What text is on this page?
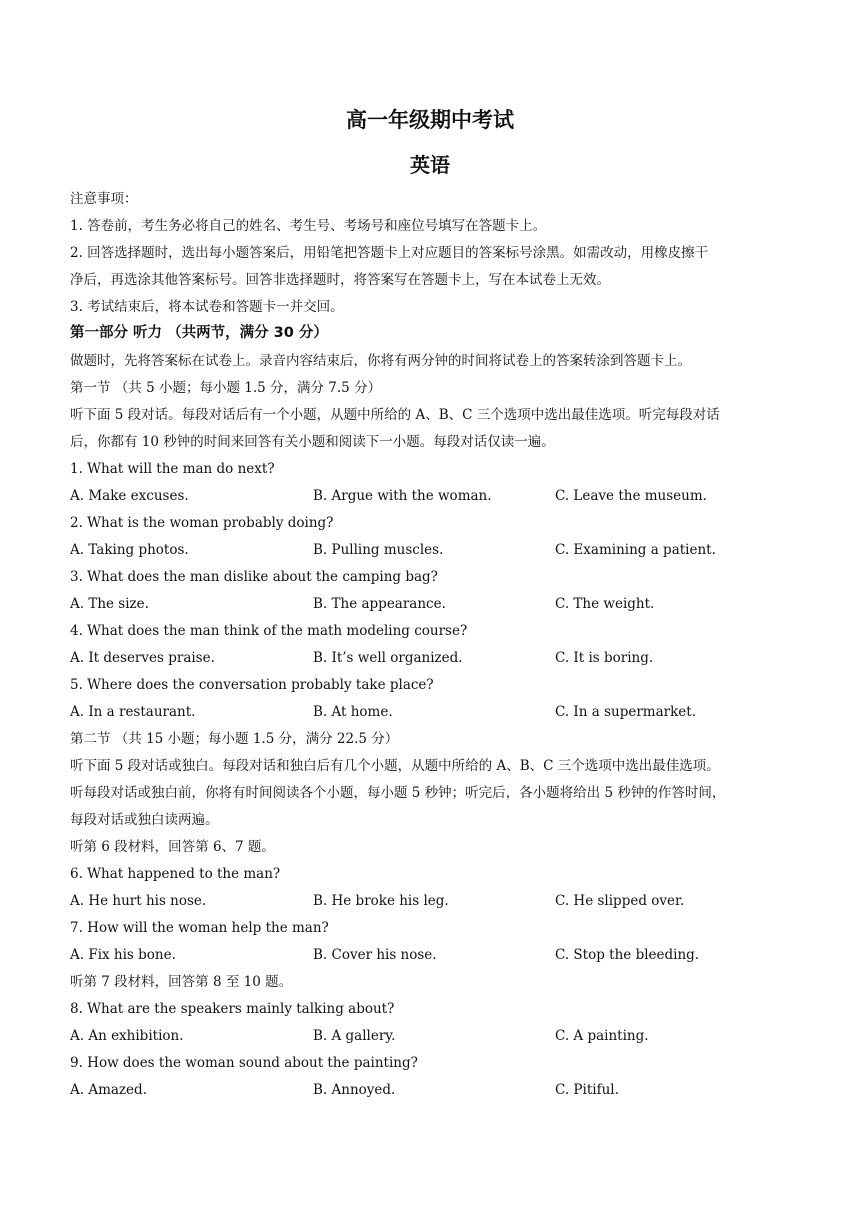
高一年级期中考试
英语
注意事项：
1. 答卷前，考生务必将自己的姓名、考生号、考场号和座位号填写在答题卡上。
2. 回答选择题时，选出每小题答案后，用铅笔把答题卡上对应题目的答案标号涂黑。如需改动，用橡皮擦干
净后，再选涂其他答案标号。回答非选择题时，将答案写在答题卡上，写在本试卷上无效。
3. 考试结束后，将本试卷和答题卡一并交回。
第一部分 听力 （共两节，满分 30 分）
做题时，先将答案标在试卷上。录音内容结束后，你将有两分钟的时间将试卷上的答案转涂到答题卡上。
第一节 （共 5 小题；每小题 1.5 分，满分 7.5 分）
听下面 5 段对话。每段对话后有一个小题，从题中所给的 A、B、C 三个选项中选出最佳选项。听完每段对话
后，你都有 10 秒钟的时间来回答有关小题和阅读下一小题。每段对话仅读一遍。
1. What will the man do next?
A. Make excuses.	B. Argue with the woman.	C. Leave the museum.
2. What is the woman probably doing?
A. Taking photos.	B. Pulling muscles.	C. Examining a patient.
3. What does the man dislike about the camping bag?
A. The size.	B. The appearance.	C. The weight.
4. What does the man think of the math modeling course?
A. It deserves praise.	B. It’s well organized.	C. It is boring.
5. Where does the conversation probably take place?
A. In a restaurant.	B. At home.	C. In a supermarket.
第二节 （共 15 小题；每小题 1.5 分，满分 22.5 分）
听下面 5 段对话或独白。每段对话和独白后有几个小题，从题中所给的 A、B、C 三个选项中选出最佳选项。
听每段对话或独白前，你将有时间阅读各个小题，每小题 5 秒钟；听完后，各小题将给出 5 秒钟的作答时间，
每段对话或独白读两遍。
听第 6 段材料，回答第 6、7 题。
6. What happened to the man?
A. He hurt his nose.	B. He broke his leg.	C. He slipped over.
7. How will the woman help the man?
A. Fix his bone.	B. Cover his nose.	C. Stop the bleeding.
听第 7 段材料，回答第 8 至 10 题。
8. What are the speakers mainly talking about?
A. An exhibition.	B. A gallery.	C. A painting.
9. How does the woman sound about the painting?
A. Amazed.	B. Annoyed.	C. Pitiful.
